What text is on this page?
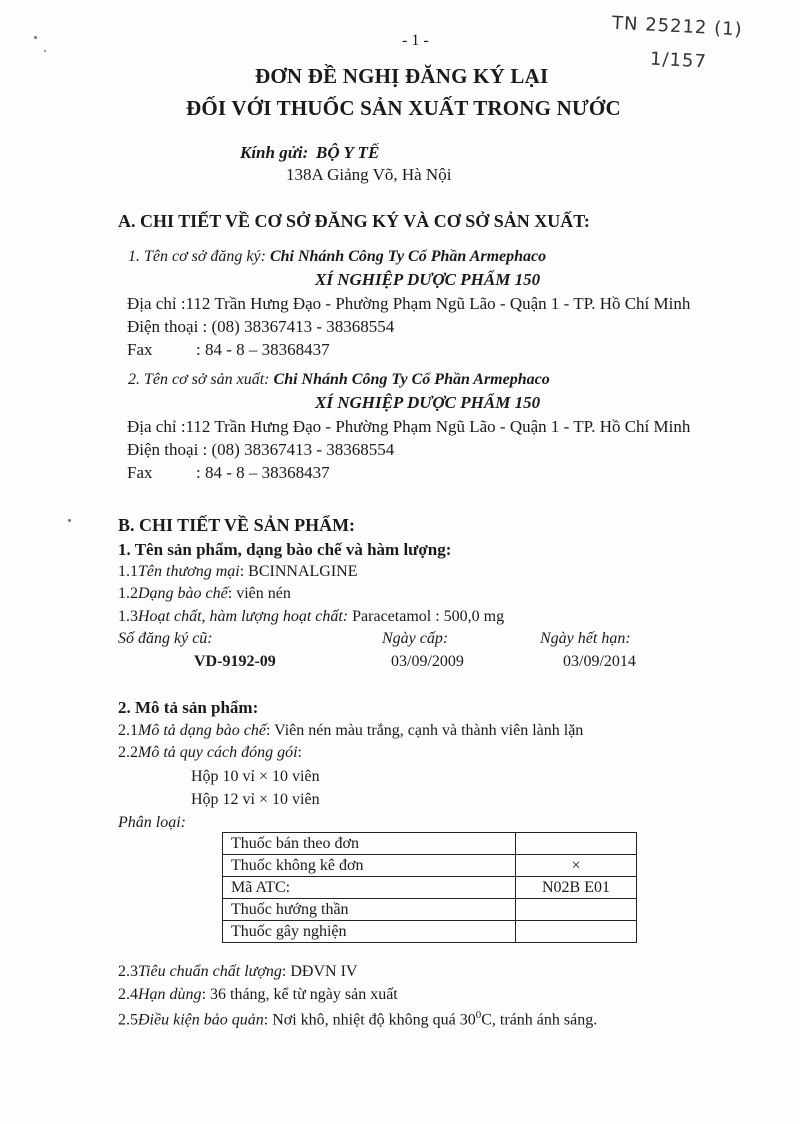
- 1 -
TN 25212 (1)
1/157
ĐƠN ĐỀ NGHỊ ĐĂNG KÝ LẠI
ĐỐI VỚI THUỐC SẢN XUẤT TRONG NƯỚC
Kính gửi: BỘ Y TẾ
138A Giảng Võ, Hà Nội
A. CHI TIẾT VỀ CƠ SỞ ĐĂNG KÝ VÀ CƠ SỞ SẢN XUẤT:
1. Tên cơ sở đăng ký: Chi Nhánh Công Ty Cổ Phần Armephaco
XÍ NGHIỆP DƯỢC PHẨM 150
Địa chỉ :112 Trần Hưng Đạo - Phường Phạm Ngũ Lão - Quận 1 - TP. Hồ Chí Minh
Điện thoại : (08) 38367413 - 38368554
Fax	: 84 - 8 – 38368437
2. Tên cơ sở sản xuất: Chi Nhánh Công Ty Cổ Phần Armephaco
XÍ NGHIỆP DƯỢC PHẨM 150
Địa chỉ :112 Trần Hưng Đạo - Phường Phạm Ngũ Lão - Quận 1 - TP. Hồ Chí Minh
Điện thoại : (08) 38367413 - 38368554
Fax	: 84 - 8 – 38368437
B. CHI TIẾT VỀ SẢN PHẨM:
1. Tên sản phẩm, dạng bào chế và hàm lượng:
1.1Tên thương mại: BCINNALGINE
1.2Dạng bào chế: viên nén
1.3Hoạt chất, hàm lượng hoạt chất: Paracetamol : 500,0 mg
Số đăng ký cũ:	Ngày cấp:	Ngày hết hạn:
VD-9192-09	03/09/2009	03/09/2014
2. Mô tả sản phẩm:
2.1Mô tả dạng bào chế: Viên nén màu trắng, cạnh và thành viên lành lặn
2.2Mô tả quy cách đóng gói:
Hộp 10 vỉ × 10 viên
Hộp 12 vỉ × 10 viên
Phân loại:
Thuốc bán theo đơn	
Thuốc không kê đơn	×
Mã ATC:	N02B E01
Thuốc hướng thần	
Thuốc gây nghiện	
2.3Tiêu chuẩn chất lượng: DĐVN IV
2.4Hạn dùng: 36 tháng, kể từ ngày sản xuất
2.5Điều kiện bảo quản: Nơi khô, nhiệt độ không quá $30^0C$, tránh ánh sáng.
